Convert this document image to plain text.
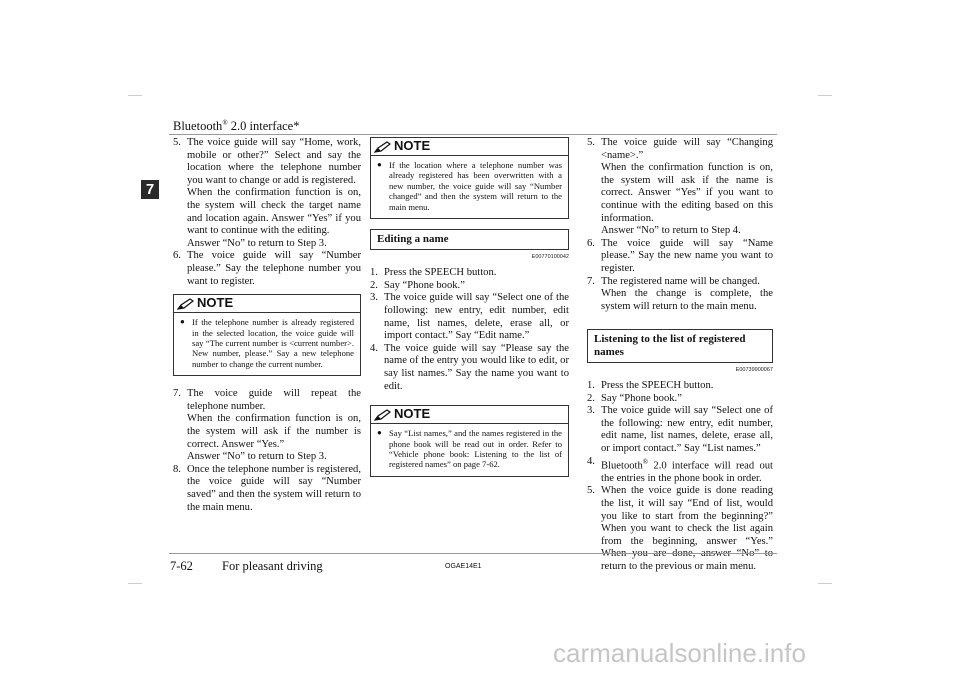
Bluetooth® 2.0 interface*
7
5. The voice guide will say “Home, work, mobile or other?” Select and say the location where the telephone number you want to change or add is registered.
When the confirmation function is on, the system will check the target name and location again. Answer “Yes” if you want to continue with the editing.
Answer “No” to return to Step 3.
6. The voice guide will say “Number please.” Say the telephone number you want to register.
NOTE
● If the telephone number is already registered in the selected location, the voice guide will say “The current number is <current number>. New number, please.” Say a new telephone number to change the current number.
7. The voice guide will repeat the telephone number.
When the confirmation function is on, the system will ask if the number is correct. Answer “Yes.”
Answer “No” to return to Step 3.
8. Once the telephone number is registered, the voice guide will say “Number saved” and then the system will return to the main menu.
NOTE
● If the location where a telephone number was already registered has been overwritten with a new number, the voice guide will say “Number changed” and then the system will return to the main menu.
Editing a name
E00770100042
1. Press the SPEECH button.
2. Say “Phone book.”
3. The voice guide will say “Select one of the following: new entry, edit number, edit name, list names, delete, erase all, or import contact.” Say “Edit name.”
4. The voice guide will say “Please say the name of the entry you would like to edit, or say list names.” Say the name you want to edit.
NOTE
● Say “List names,” and the names registered in the phone book will be read out in order. Refer to “Vehicle phone book: Listening to the list of registered names” on page 7-62.
5. The voice guide will say “Changing <name>.”
When the confirmation function is on, the system will ask if the name is correct. Answer “Yes” if you want to continue with the editing based on this information.
Answer “No” to return to Step 4.
6. The voice guide will say “Name please.” Say the new name you want to register.
7. The registered name will be changed.
When the change is complete, the system will return to the main menu.
Listening to the list of registered names
E00739900067
1. Press the SPEECH button.
2. Say “Phone book.”
3. The voice guide will say “Select one of the following: new entry, edit number, edit name, list names, delete, erase all, or import contact.” Say “List names.”
4. Bluetooth® 2.0 interface will read out the entries in the phone book in order.
5. When the voice guide is done reading the list, it will say “End of list, would you like to start from the beginning?” When you want to check the list again from the beginning, answer “Yes.” return to the previous or main menu.
7-62 For pleasant driving	OGAE14E1
carmanualsonline.info
